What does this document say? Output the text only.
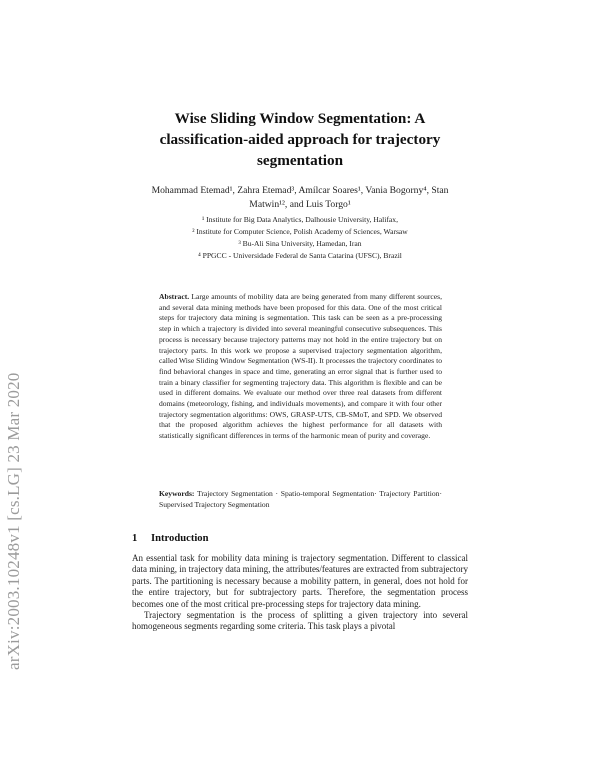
arXiv:2003.10248v1 [cs.LG] 23 Mar 2020
Wise Sliding Window Segmentation: A classification-aided approach for trajectory segmentation
Mohammad Etemad¹, Zahra Etemad³, Amílcar Soares¹, Vania Bogorny⁴, Stan Matwin¹², and Luis Torgo¹
¹ Institute for Big Data Analytics, Dalhousie University, Halifax,
² Institute for Computer Science, Polish Academy of Sciences, Warsaw
³ Bu-Ali Sina University, Hamedan, Iran
⁴ PPGCC - Universidade Federal de Santa Catarina (UFSC), Brazil
Abstract. Large amounts of mobility data are being generated from many different sources, and several data mining methods have been proposed for this data. One of the most critical steps for trajectory data mining is segmentation. This task can be seen as a pre-processing step in which a trajectory is divided into several meaningful consecutive subsequences. This process is necessary because trajectory patterns may not hold in the entire trajectory but on trajectory parts. In this work we propose a supervised trajectory segmentation algorithm, called Wise Sliding Window Segmentation (WS-II). It processes the trajectory coordinates to find behavioral changes in space and time, generating an error signal that is further used to train a binary classifier for segmenting trajectory data. This algorithm is flexible and can be used in different domains. We evaluate our method over three real datasets from different domains (meteorology, fishing, and individuals movements), and compare it with four other trajectory segmentation algorithms: OWS, GRASP-UTS, CB-SMoT, and SPD. We observed that the proposed algorithm achieves the highest performance for all datasets with statistically significant differences in terms of the harmonic mean of purity and coverage.
Keywords: Trajectory Segmentation · Spatio-temporal Segmentation· Trajectory Partition· Supervised Trajectory Segmentation
1 Introduction

An essential task for mobility data mining is trajectory segmentation. Different to classical data mining, in trajectory data mining, the attributes/features are extracted from subtrajectory parts. The partitioning is necessary because a mobility pattern, in general, does not hold for the entire trajectory, but for subtrajectory parts. Therefore, the segmentation process becomes one of the most critical pre-processing steps for trajectory data mining.

Trajectory segmentation is the process of splitting a given trajectory into several homogeneous segments regarding some criteria. This task plays a pivotal
